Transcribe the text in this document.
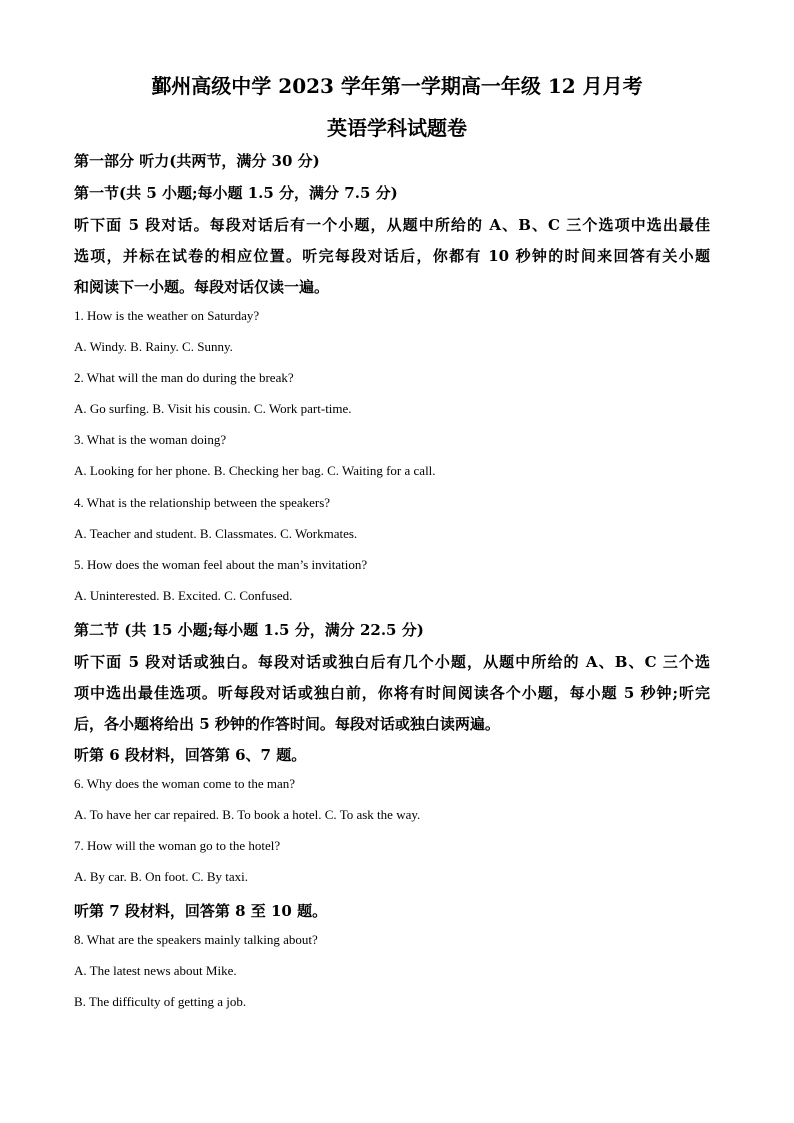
鄞州高级中学 2023 学年第一学期高一年级 12 月月考
英语学科试题卷
第一部分 听力(共两节，满分 30 分)
第一节(共 5 小题;每小题 1.5 分，满分 7.5 分)
听下面 5 段对话。每段对话后有一个小题，从题中所给的 A、B、C 三个选项中选出最佳
选项，并标在试卷的相应位置。听完每段对话后，你都有 10 秒钟的时间来回答有关小题
和阅读下一小题。每段对话仅读一遍。
1. How is the weather on Saturday?
A. Windy. B. Rainy. C. Sunny.
2. What will the man do during the break?
A. Go surfing. B. Visit his cousin. C. Work part-time.
3. What is the woman doing?
A. Looking for her phone. B. Checking her bag. C. Waiting for a call.
4. What is the relationship between the speakers?
A. Teacher and student. B. Classmates. C. Workmates.
5. How does the woman feel about the man’s invitation?
A. Uninterested. B. Excited. C. Confused.
第二节 (共 15 小题;每小题 1.5 分，满分 22.5 分)
听下面 5 段对话或独白。每段对话或独白后有几个小题，从题中所给的 A、B、C 三个选
项中选出最佳选项。听每段对话或独白前，你将有时间阅读各个小题，每小题 5 秒钟;听完
后，各小题将给出 5 秒钟的作答时间。每段对话或独白读两遍。
听第 6 段材料，回答第 6、7 题。
6. Why does the woman come to the man?
A. To have her car repaired. B. To book a hotel. C. To ask the way.
7. How will the woman go to the hotel?
A. By car. B. On foot. C. By taxi.
听第 7 段材料，回答第 8 至 10 题。
8. What are the speakers mainly talking about?
A. The latest news about Mike.
B. The difficulty of getting a job.
